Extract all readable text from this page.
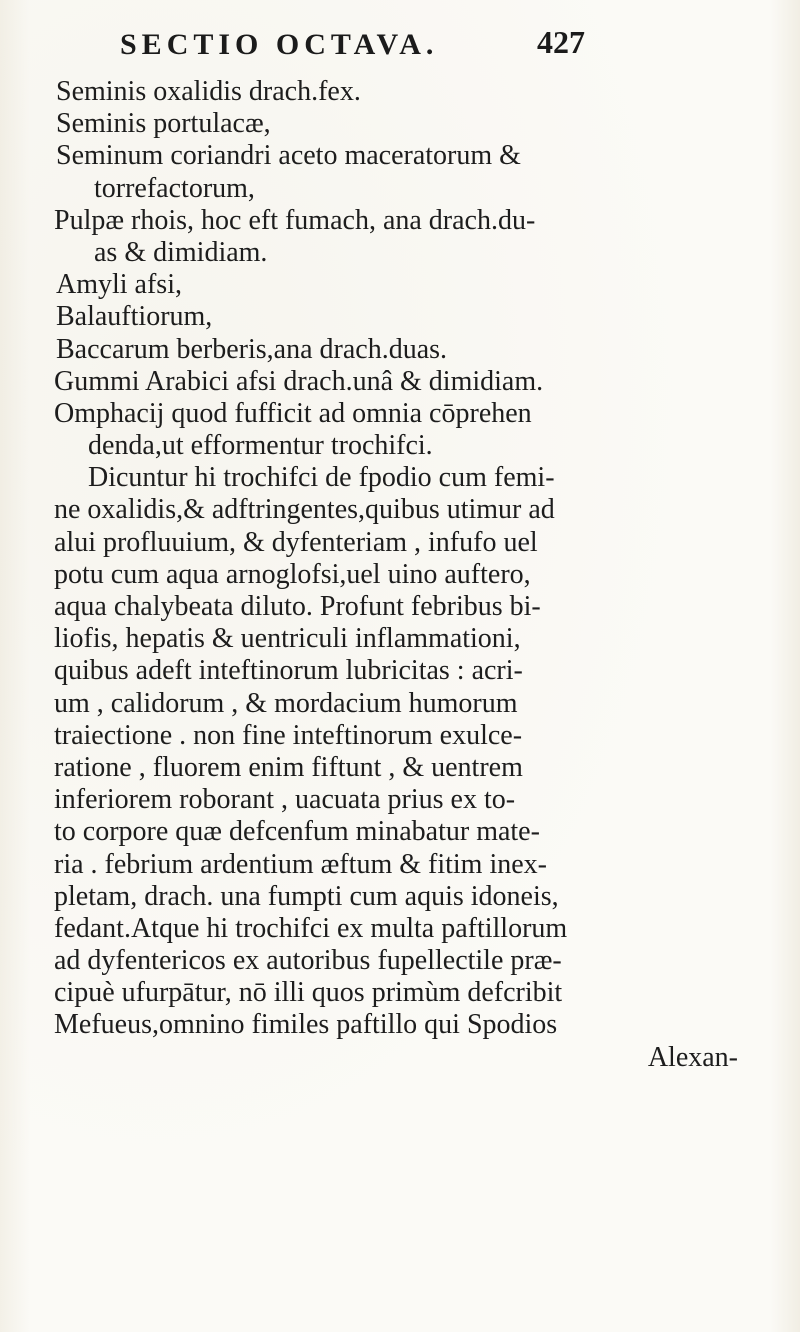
SECTIO OCTAVA.	427
Seminis oxalidis drach.fex.
Seminis portulacæ,
Seminum coriandri aceto maceratorum &
torrefactorum,
Pulpæ rhois, hoc eft fumach, ana drach.du-
as & dimidiam.
Amyli afsi,
Balauftiorum,
Baccarum berberis,ana drach.duas.
Gummi Arabici afsi drach.unâ & dimidiam.
Omphacij quod fufficit ad omnia cōprehen
denda,ut efformentur trochifci.
Dicuntur hi trochifci de fpodio cum femi-
ne oxalidis,& adftringentes,quibus utimur ad
alui profluuium, & dyfenteriam , infufo uel
potu cum aqua arnoglofsi,uel uino auftero,
aqua chalybeata diluto. Profunt febribus bi-
liofis, hepatis & uentriculi inflammationi,
quibus adeft inteftinorum lubricitas : acri-
um , calidorum , & mordacium humorum
traiectione . non fine inteftinorum exulce-
ratione , fluorem enim fiftunt , & uentrem
inferiorem roborant , uacuata prius ex to-
to corpore quæ defcenfum minabatur mate-
ria . febrium ardentium æftum & fitim inex-
pletam, drach. una fumpti cum aquis idoneis,
fedant.Atque hi trochifci ex multa paftillorum
ad dyfentericos ex autoribus fupellectile præ-
cipuè ufurpātur, nō illi quos primùm defcribit
Mefueus,omnino fimiles paftillo qui Spodios
Alexan-
